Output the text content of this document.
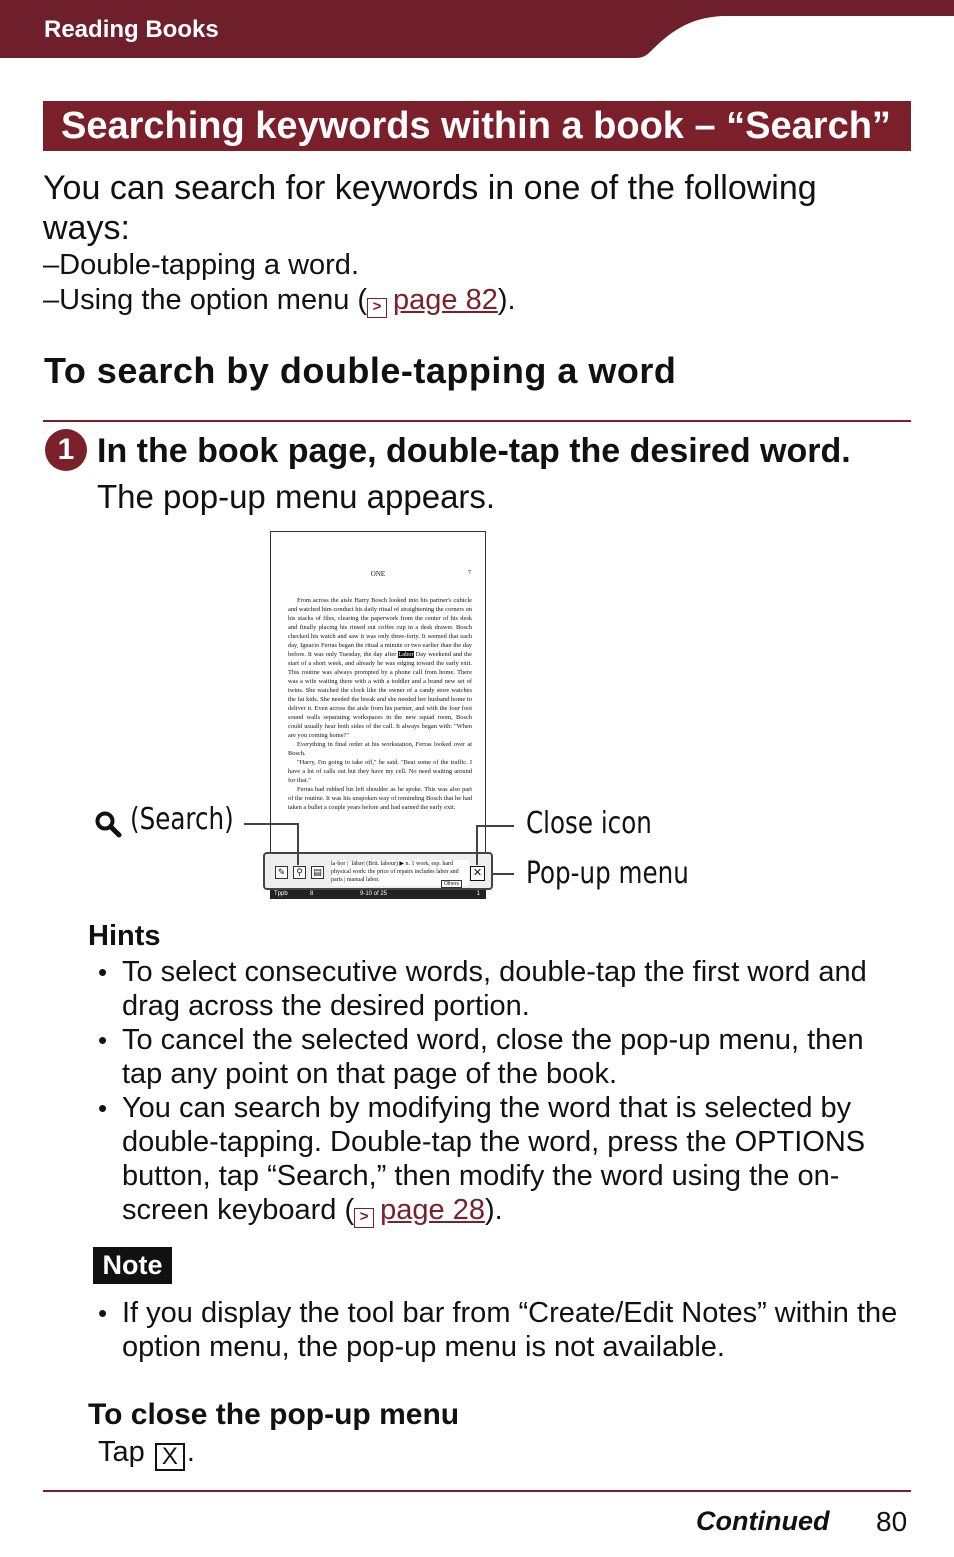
Reading Books
Searching keywords within a book – “Search”
You can search for keywords in one of the following ways:
–Double-tapping a word.
–Using the option menu ( > page 82).
To search by double-tapping a word
1 In the book page, double-tap the desired word.
The pop-up menu appears.
ONE	7

From across the aisle Harry Bosch looked into his partner's cubicle and watched him conduct his daily ritual of straightening the corners on his stacks of files, clearing the paperwork from the center of his desk and finally placing his rinsed out coffee cup in a desk drawer. Bosch checked his watch and saw it was only three-forty. It seemed that each day, Ignacio Ferras began the ritual a minute or two earlier than the day before. It was only Tuesday, the day after Labor Day weekend and the start of a short week, and already he was edging toward the early exit. This routine was always prompted by a phone call from home. There was a wife waiting there with a with a toddler and a brand new set of twins. She watched the clock like the owner of a candy store watches the fat kids. She needed the break and she needed her husband home to deliver it. Even across the aisle from his partner, and with the four foot sound walls separating workspaces in the new squad room, Bosch could usually hear both sides of the call. It always began with: "When are you coming home?"

Everything in final order at his workstation, Ferras looked over at Bosch.

"Harry, I'm going to take off," he said. "Beat some of the traffic. I have a lot of calls out but they have my cell. No need waiting around for that."

Ferras had rubbed his left shoulder as he spoke. This was also part of the routine. It was his unspoken way of reminding Bosch that he had taken a bullet a couple years before and had earned the early exit.

✎	⚲	▤
la·bor | ˈlābər| (Brit. labour) ▶ n. 1 work, esp. hard physical work: the price of repairs includes labor and parts | manual labor.
Others
✕
Tppb	8	9-10 of 25	1
(Search)	Close icon
Pop-up menu
Hints

• To select consecutive words, double-tap the first word and drag across the desired portion.

• To cancel the selected word, close the pop-up menu, then tap any point on that page of the book.

• You can search by modifying the word that is selected by double-tapping. Double-tap the word, press the OPTIONS button, tap “Search,” then modify the word using the on-screen keyboard ( > page 28).

Note

• If you display the tool bar from “Create/Edit Notes” within the option menu, the pop-up menu is not available.

To close the pop-up menu
Tap X .
Continued 80
